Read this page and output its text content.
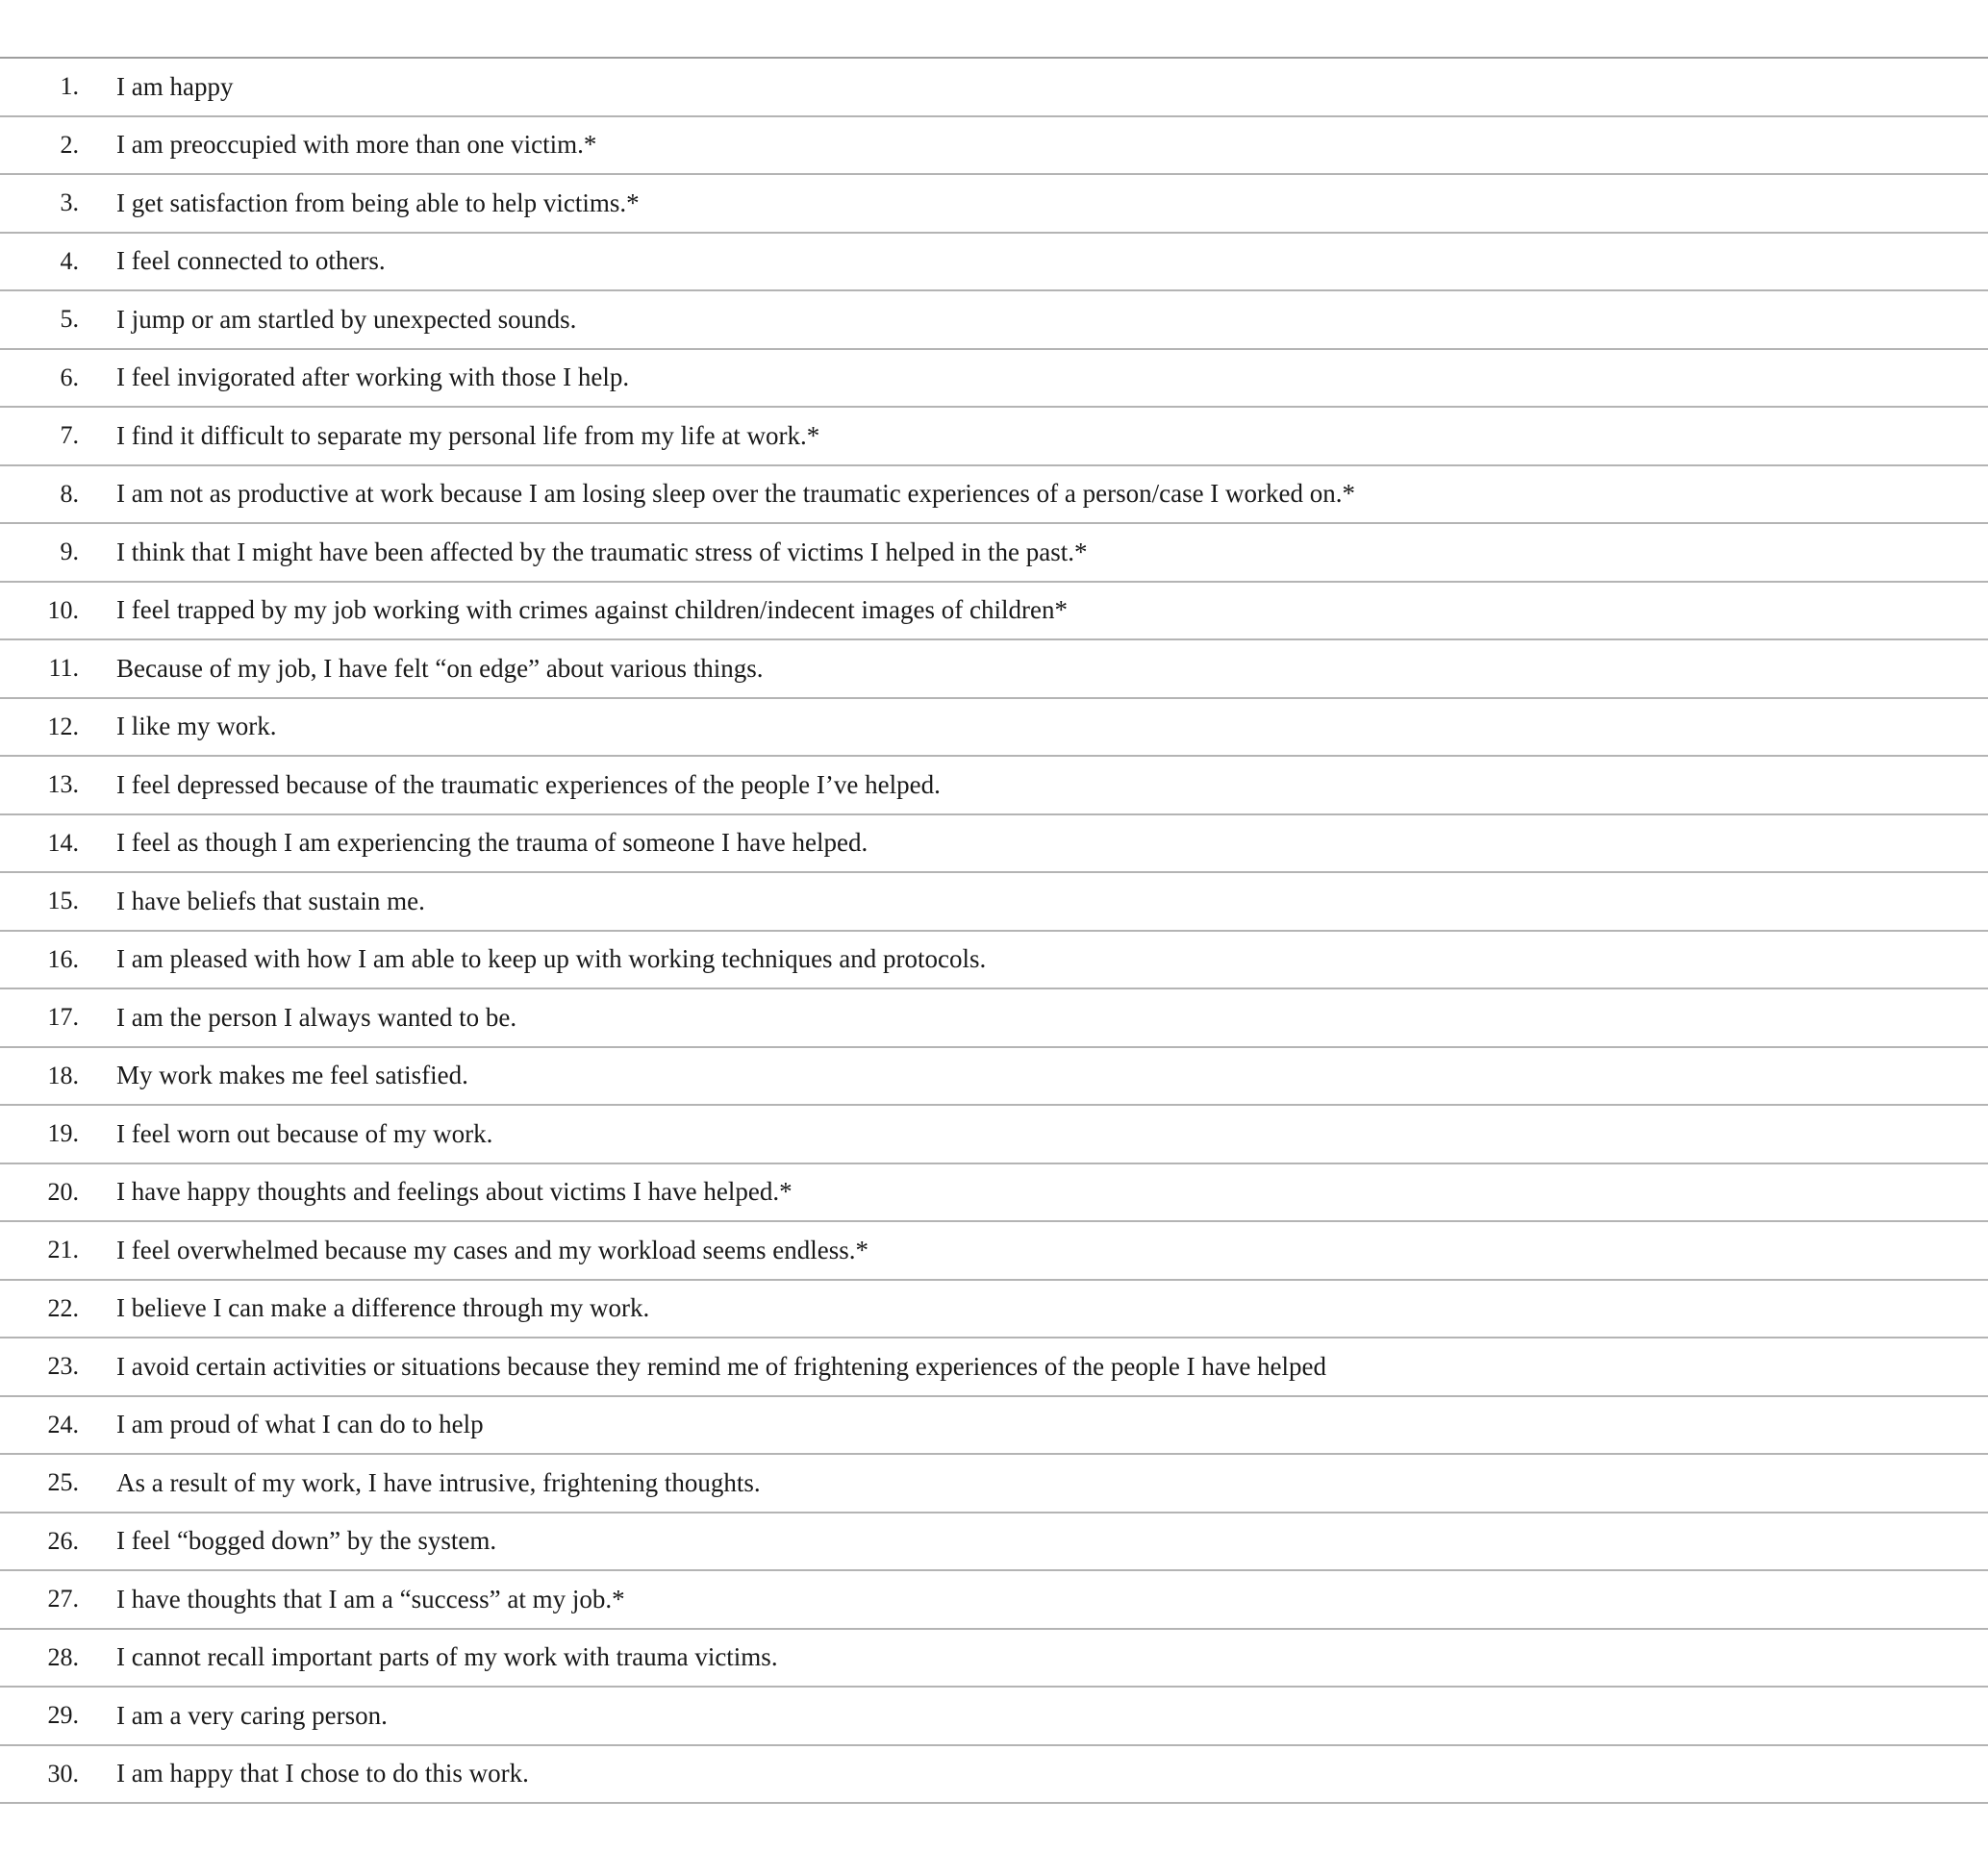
1.	I am happy
2.	I am preoccupied with more than one victim.*
3.	I get satisfaction from being able to help victims.*
4.	I feel connected to others.
5.	I jump or am startled by unexpected sounds.
6.	I feel invigorated after working with those I help.
7.	I find it difficult to separate my personal life from my life at work.*
8.	I am not as productive at work because I am losing sleep over the traumatic experiences of a person/case I worked on.*
9.	I think that I might have been affected by the traumatic stress of victims I helped in the past.*
10.	I feel trapped by my job working with crimes against children/indecent images of children*
11.	Because of my job, I have felt “on edge” about various things.
12.	I like my work.
13.	I feel depressed because of the traumatic experiences of the people I’ve helped.
14.	I feel as though I am experiencing the trauma of someone I have helped.
15.	I have beliefs that sustain me.
16.	I am pleased with how I am able to keep up with working techniques and protocols.
17.	I am the person I always wanted to be.
18.	My work makes me feel satisfied.
19.	I feel worn out because of my work.
20.	I have happy thoughts and feelings about victims I have helped.*
21.	I feel overwhelmed because my cases and my workload seems endless.*
22.	I believe I can make a difference through my work.
23.	I avoid certain activities or situations because they remind me of frightening experiences of the people I have helped
24.	I am proud of what I can do to help
25.	As a result of my work, I have intrusive, frightening thoughts.
26.	I feel “bogged down” by the system.
27.	I have thoughts that I am a “success” at my job.*
28.	I cannot recall important parts of my work with trauma victims.
29.	I am a very caring person.
30.	I am happy that I chose to do this work.
